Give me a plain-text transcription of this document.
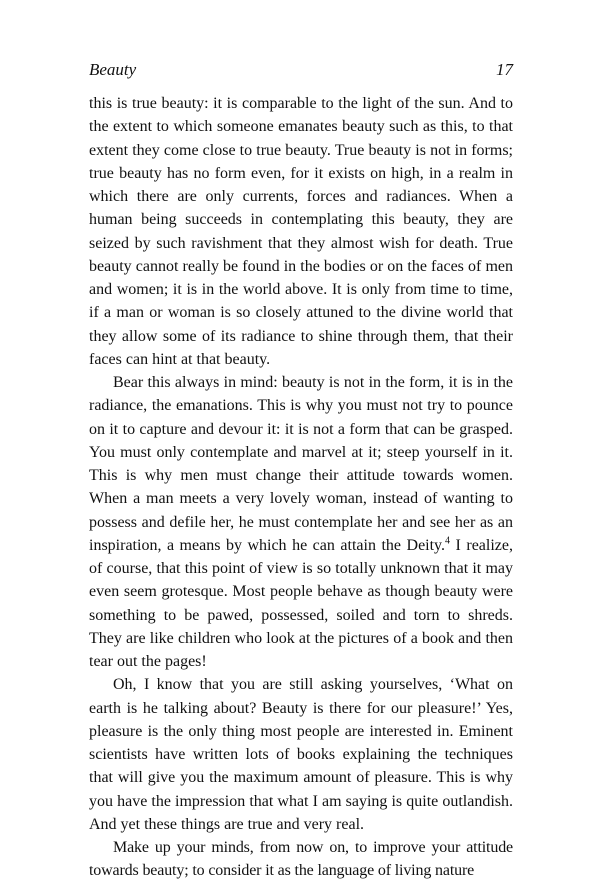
Beauty	17

this is true beauty: it is comparable to the light of the sun. And to the extent to which someone emanates beauty such as this, to that extent they come close to true beauty. True beauty is not in forms; true beauty has no form even, for it exists on high, in a realm in which there are only currents, forces and radiances. When a human being succeeds in contemplating this beauty, they are seized by such ravishment that they almost wish for death. True beauty cannot really be found in the bodies or on the faces of men and women; it is in the world above. It is only from time to time, if a man or woman is so closely attuned to the divine world that they allow some of its radiance to shine through them, that their faces can hint at that beauty.

Bear this always in mind: beauty is not in the form, it is in the radiance, the emanations. This is why you must not try to pounce on it to capture and devour it: it is not a form that can be grasped. You must only contemplate and marvel at it; steep yourself in it. This is why men must change their attitude towards women. When a man meets a very lovely woman, instead of wanting to possess and defile her, he must contemplate her and see her as an inspiration, a means by which he can attain the Deity.$^4$ I realize, of course, that this point of view is so totally unknown that it may even seem grotesque. Most people behave as though beauty were something to be pawed, possessed, soiled and torn to shreds. They are like children who look at the pictures of a book and then tear out the pages!

Oh, I know that you are still asking yourselves, ‘What on earth is he talking about? Beauty is there for our pleasure!’ Yes, pleasure is the only thing most people are interested in. Eminent scientists have written lots of books explaining the techniques that will give you the maximum amount of pleasure. This is why you have the impression that what I am saying is quite outlandish. And yet these things are true and very real.

Make up your minds, from now on, to improve your attitude towards beauty; to consider it as the language of living nature
